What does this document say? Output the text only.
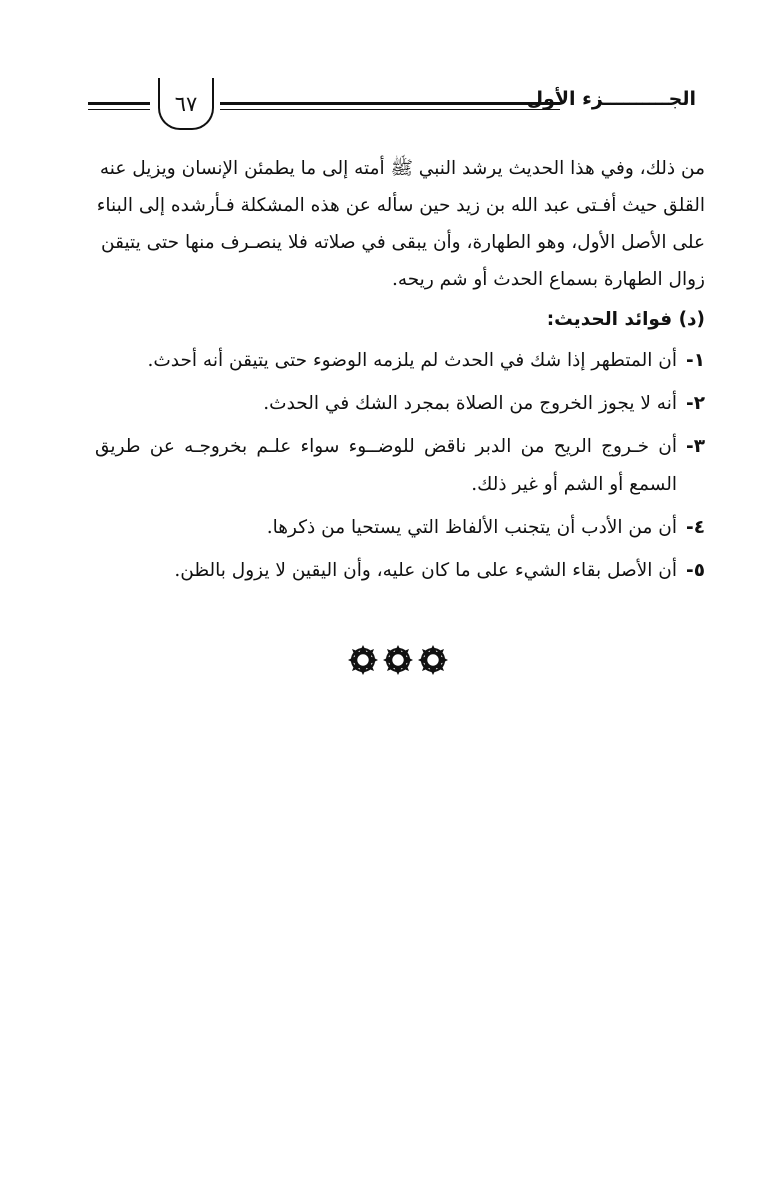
٦٧	الجــــــــــزء الأول

من ذلك، وفي هذا الحديث يرشد النبي ﷺ أمته إلى ما يطمئن الإنسان ويزيل عنه القلق حيث أفـتى عبد الله بن زيد حين سأله عن هذه المشكلة فـأرشده إلى البناء على الأصل الأول، وهو الطهارة، وأن يبقى في صلاته فلا ينصـرف منها حتى يتيقن زوال الطهارة بسماع الحدث أو شم ريحه.

(د) فوائد الحديث:
١-
أن المتطهر إذا شك في الحدث لم يلزمه الوضوء حتى يتيقن أنه أحدث.
٢-
أنه لا يجوز الخروج من الصلاة بمجرد الشك في الحدث.
٣-
أن خـروج الريح من الدبر ناقض للوضــوء سواء علـم بخروجـه عن طريق السمع أو الشم أو غير ذلك.
٤-
أن من الأدب أن يتجنب الألفاظ التي يستحيا من ذكرها.
٥-
أن الأصل بقاء الشيء على ما كان عليه، وأن اليقين لا يزول بالظن.
